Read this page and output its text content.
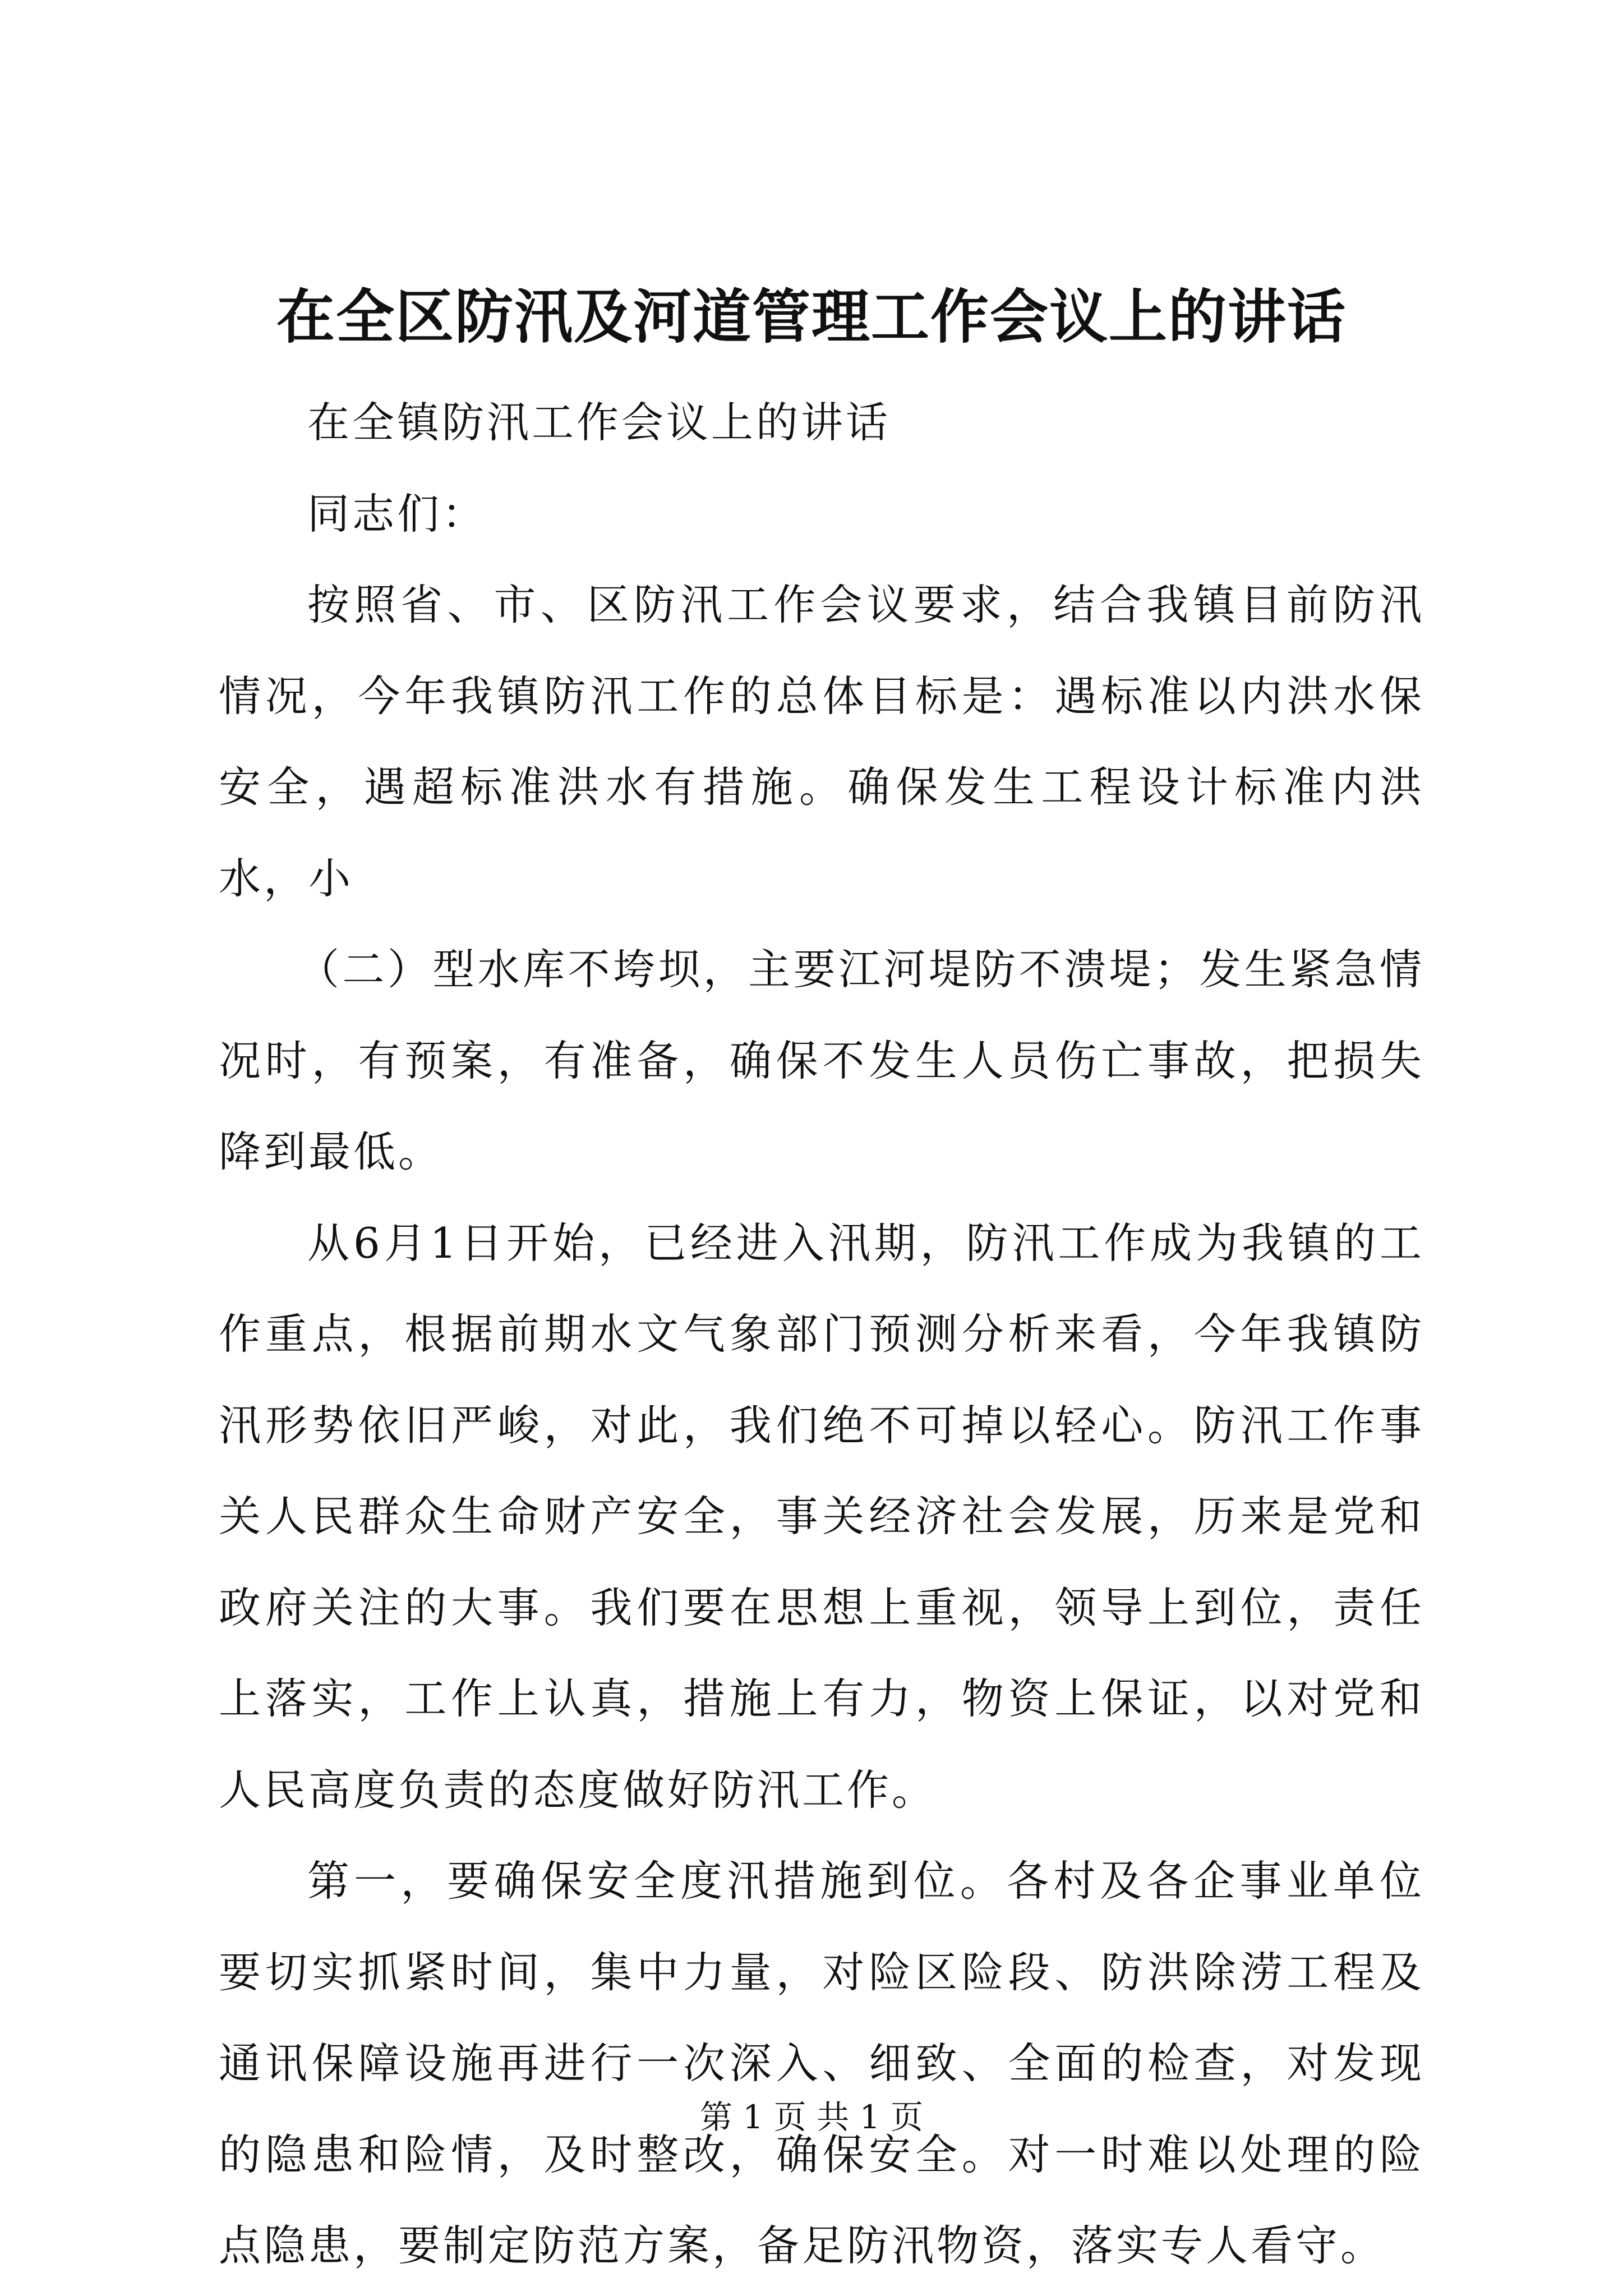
在全区防汛及河道管理工作会议上的讲话

在全镇防汛工作会议上的讲话

同志们：

按照省、市、区防汛工作会议要求，结合我镇目前防汛情况，今年我镇防汛工作的总体目标是：遇标准以内洪水保安全，遇超标准洪水有措施。确保发生工程设计标准内洪水，小

（二）型水库不垮坝，主要江河堤防不溃堤；发生紧急情况时，有预案，有准备，确保不发生人员伤亡事故，把损失降到最低。

从6月1日开始，已经进入汛期，防汛工作成为我镇的工作重点，根据前期水文气象部门预测分析来看，今年我镇防汛形势依旧严峻，对此，我们绝不可掉以轻心。防汛工作事关人民群众生命财产安全，事关经济社会发展，历来是党和政府关注的大事。我们要在思想上重视，领导上到位，责任上落实，工作上认真，措施上有力，物资上保证，以对党和人民高度负责的态度做好防汛工作。

第一，要确保安全度汛措施到位。各村及各企事业单位要切实抓紧时间，集中力量，对险区险段、防洪除涝工程及通讯保障设施再进行一次深入、细致、全面的检查，对发现的隐患和险情，及时整改，确保安全。对一时难以处理的险点隐患，要制定防范方案，备足防汛物资，落实专人看守。

第 1 页 共 1 页
